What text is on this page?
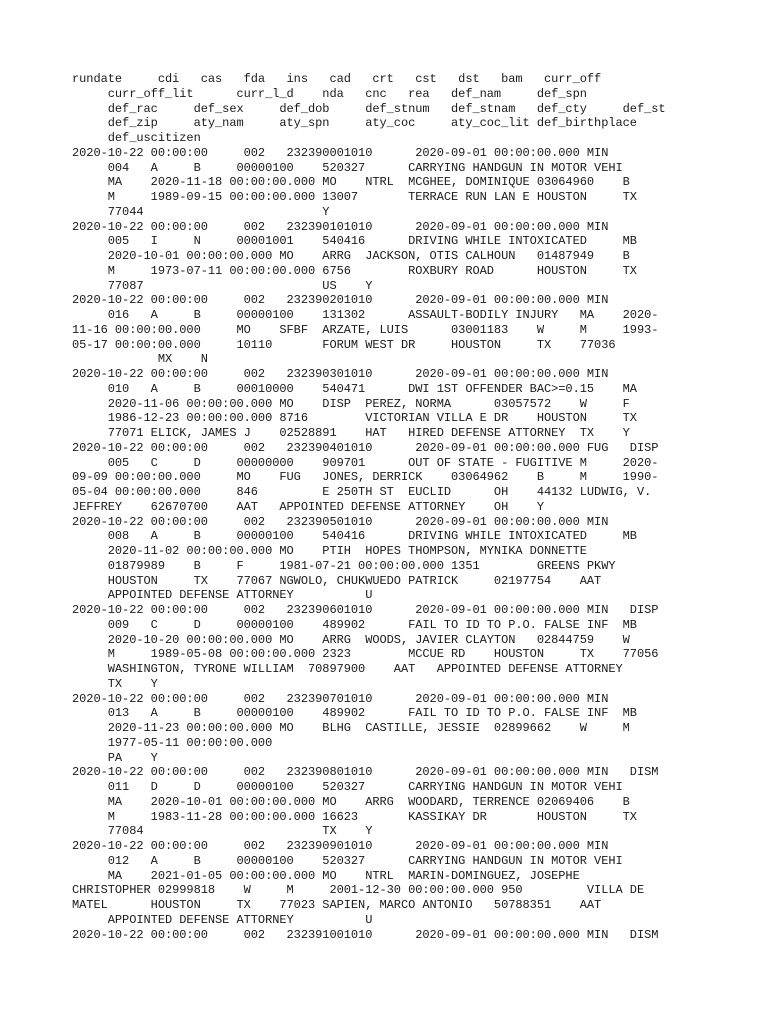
rundate     cdi   cas   fda   ins   cad   crt   cst   dst   bam   curr_off
curr_off_lit      curr_l_d    nda   cnc   rea   def_nam     def_spn
def_rac     def_sex     def_dob     def_stnum   def_stnam   def_cty     def_st
def_zip     aty_nam     aty_spn     aty_coc     aty_coc_lit def_birthplace
def_uscitizen
2020-10-22 00:00:00     002   232390001010      2020-09-01 00:00:00.000 MIN
004   A     B     00000100    520327      CARRYING HANDGUN IN MOTOR VEHI
MA    2020-11-18 00:00:00.000 MO    NTRL  MCGHEE, DOMINIQUE 03064960    B
M     1989-09-15 00:00:00.000 13007       TERRACE RUN LAN E HOUSTON     TX
77044                         Y
2020-10-22 00:00:00     002   232390101010      2020-09-01 00:00:00.000 MIN
005   I     N     00001001    540416      DRIVING WHILE INTOXICATED     MB
2020-10-01 00:00:00.000 MO    ARRG  JACKSON, OTIS CALHOUN   01487949    B
M     1973-07-11 00:00:00.000 6756        ROXBURY ROAD      HOUSTON     TX
77087                         US    Y
2020-10-22 00:00:00     002   232390201010      2020-09-01 00:00:00.000 MIN
016   A     B     00000100    131302      ASSAULT-BODILY INJURY   MA    2020-
11-16 00:00:00.000     MO    SFBF  ARZATE, LUIS      03001183    W     M     1993-
05-17 00:00:00.000     10110       FORUM WEST DR     HOUSTON     TX    77036
MX    N
2020-10-22 00:00:00     002   232390301010      2020-09-01 00:00:00.000 MIN
010   A     B     00010000    540471      DWI 1ST OFFENDER BAC>=0.15    MA
2020-11-06 00:00:00.000 MO    DISP  PEREZ, NORMA      03057572    W     F
1986-12-23 00:00:00.000 8716        VICTORIAN VILLA E DR    HOUSTON     TX
77071 ELICK, JAMES J    02528891    HAT   HIRED DEFENSE ATTORNEY  TX    Y
2020-10-22 00:00:00     002   232390401010      2020-09-01 00:00:00.000 FUG   DISP
005   C     D     00000000    909701      OUT OF STATE - FUGITIVE M     2020-
09-09 00:00:00.000     MO    FUG   JONES, DERRICK    03064962    B     M     1990-
05-04 00:00:00.000     846         E 250TH ST  EUCLID      OH    44132 LUDWIG, V.
JEFFREY    62670700    AAT   APPOINTED DEFENSE ATTORNEY    OH    Y
2020-10-22 00:00:00     002   232390501010      2020-09-01 00:00:00.000 MIN
008   A     B     00000100    540416      DRIVING WHILE INTOXICATED     MB
2020-11-02 00:00:00.000 MO    PTIH  HOPES THOMPSON, MYNIKA DONNETTE
01879989    B     F     1981-07-21 00:00:00.000 1351        GREENS PKWY
HOUSTON     TX    77067 NGWOLO, CHUKWUEDO PATRICK     02197754    AAT
APPOINTED DEFENSE ATTORNEY          U
2020-10-22 00:00:00     002   232390601010      2020-09-01 00:00:00.000 MIN   DISP
009   C     D     00000100    489902      FAIL TO ID TO P.O. FALSE INF  MB
2020-10-20 00:00:00.000 MO    ARRG  WOODS, JAVIER CLAYTON   02844759    W
M     1989-05-08 00:00:00.000 2323        MCCUE RD    HOUSTON     TX    77056
WASHINGTON, TYRONE WILLIAM  70897900    AAT   APPOINTED DEFENSE ATTORNEY
TX    Y
2020-10-22 00:00:00     002   232390701010      2020-09-01 00:00:00.000 MIN
013   A     B     00000100    489902      FAIL TO ID TO P.O. FALSE INF  MB
2020-11-23 00:00:00.000 MO    BLHG  CASTILLE, JESSIE  02899662    W     M
1977-05-11 00:00:00.000
PA    Y
2020-10-22 00:00:00     002   232390801010      2020-09-01 00:00:00.000 MIN   DISM
011   D     D     00000100    520327      CARRYING HANDGUN IN MOTOR VEHI
MA    2020-10-01 00:00:00.000 MO    ARRG  WOODARD, TERRENCE 02069406    B
M     1983-11-28 00:00:00.000 16623       KASSIKAY DR       HOUSTON     TX
77084                         TX    Y
2020-10-22 00:00:00     002   232390901010      2020-09-01 00:00:00.000 MIN
012   A     B     00000100    520327      CARRYING HANDGUN IN MOTOR VEHI
MA    2021-01-05 00:00:00.000 MO    NTRL  MARIN-DOMINGUEZ, JOSEPHE
CHRISTOPHER 02999818    W     M     2001-12-30 00:00:00.000 950         VILLA DE
MATEL      HOUSTON     TX    77023 SAPIEN, MARCO ANTONIO   50788351    AAT
APPOINTED DEFENSE ATTORNEY          U
2020-10-22 00:00:00     002   232391001010      2020-09-01 00:00:00.000 MIN   DISM
